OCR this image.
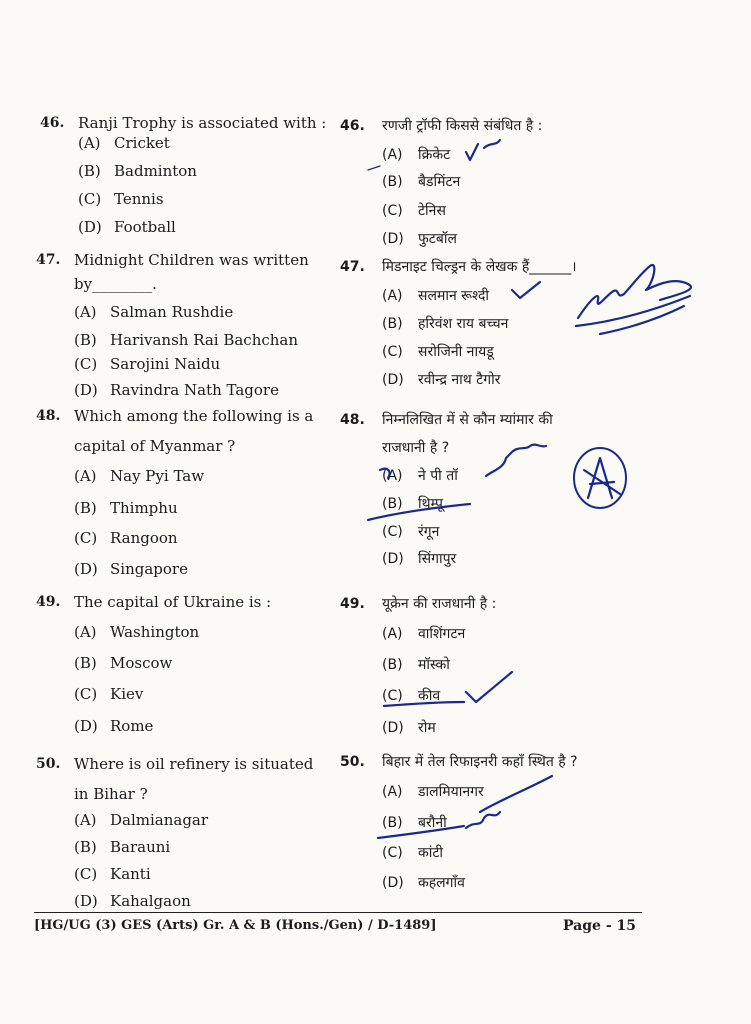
46. Ranji Trophy is associated with :
(A) Cricket
(B) Badminton
(C) Tennis
(D) Football
47. Midnight Children was written
by________.
(A) Salman Rushdie
(B) Harivansh Rai Bachchan
(C) Sarojini Naidu
(D) Ravindra Nath Tagore
48. Which among the following is a
capital of Myanmar ?
(A) Nay Pyi Taw
(B) Thimphu
(C) Rangoon
(D) Singapore
49. The capital of Ukraine is :
(A) Washington
(B) Moscow
(C) Kiev
(D) Rome
50. Where is oil refinery is situated
in Bihar ?
(A) Dalmianagar
(B) Barauni
(C) Kanti
(D) Kahalgaon
46. रणजी ट्रॉफी किससे संबंधित है :
(A) क्रिकेट
(B) बैडमिंटन
(C) टेनिस
(D) फुटबॉल
47. मिडनाइट चिल्ड्रन के लेखक हैं______।
(A) सलमान रूश्दी
(B) हरिवंश राय बच्चन
(C) सरोजिनी नायडू
(D) रवीन्द्र नाथ टैगोर
48. निम्नलिखित में से कौन म्यांमार की
राजधानी है ?
(A) ने पी तॉ
(B) थिम्पू
(C) रंगून
(D) सिंगापुर
49. यूक्रेन की राजधानी है :
(A) वाशिंगटन
(B) मॉस्को
(C) कीव
(D) रोम
50. बिहार में तेल रिफाइनरी कहाँ स्थित है ?
(A) डालमियानगर
(B) बरौनी
(C) कांटी
(D) कहलगाँव
[HG/UG (3) GES (Arts) Gr. A & B (Hons./Gen) / D-1489]	Page - 15
